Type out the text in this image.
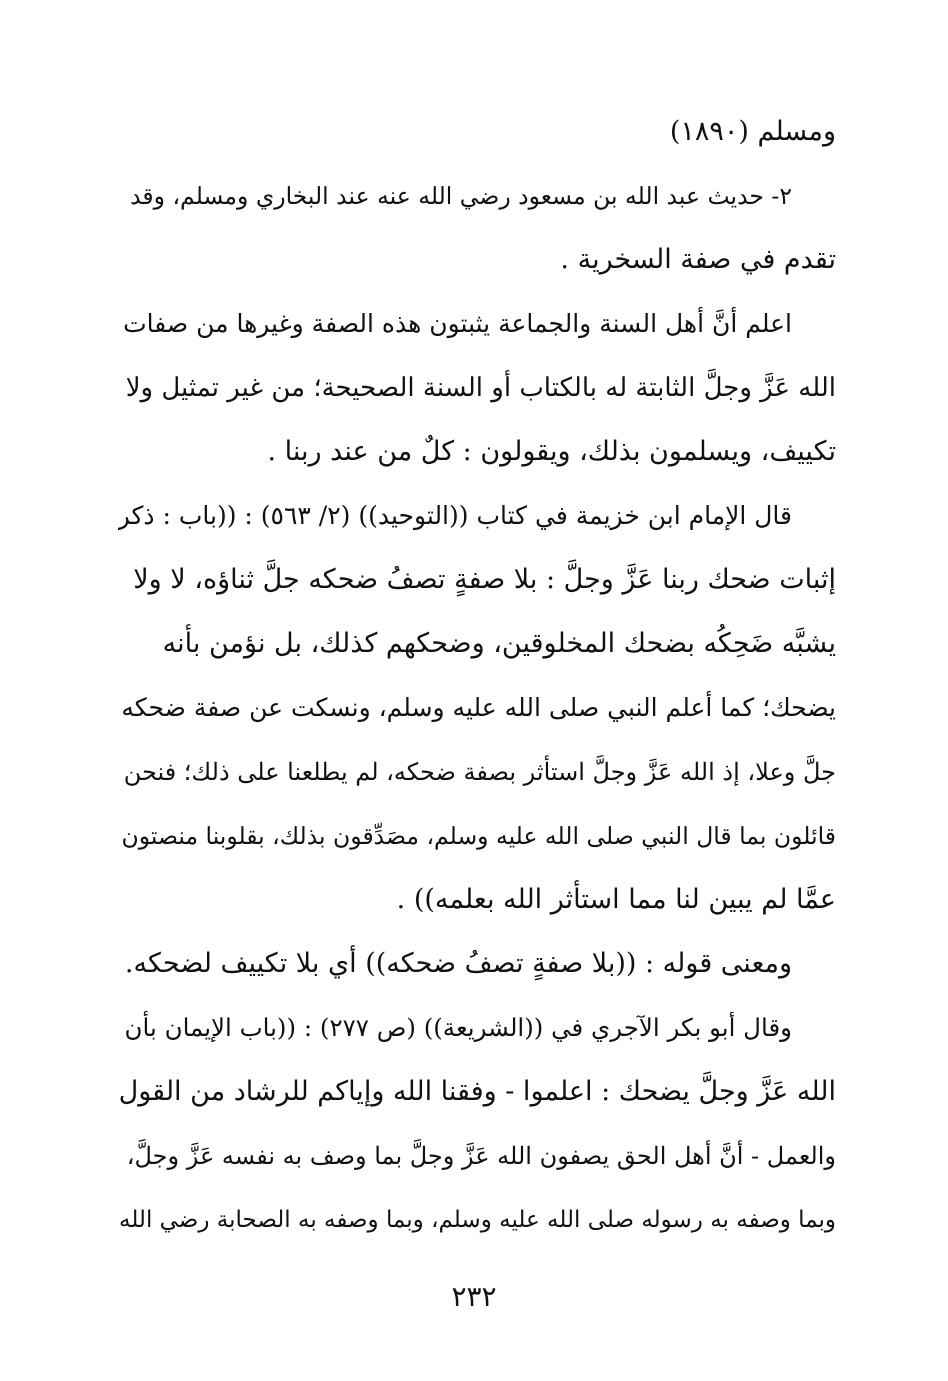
ومسلم (١٨٩٠)
٢- حديث عبد الله بن مسعود رضي الله عنه عند البخاري ومسلم، وقد
تقدم في صفة السخرية .
اعلم أنَّ أهل السنة والجماعة يثبتون هذه الصفة وغيرها من صفات
الله عَزَّ وجلَّ الثابتة له بالكتاب أو السنة الصحيحة؛ من غير تمثيل ولا
تكييف، ويسلمون بذلك، ويقولون : كلٌ من عند ربنا .
قال الإمام ابن خزيمة في كتاب ((التوحيد)) (٢/ ٥٦٣) : ((باب : ذكر
إثبات ضحك ربنا عَزَّ وجلَّ : بلا صفةٍ تصفُ ضحكه جلَّ ثناؤه، لا ولا
يشبَّه ضَحِكُه بضحك المخلوقين، وضحكهم كذلك، بل نؤمن بأنه
يضحك؛ كما أعلم النبي صلى الله عليه وسلم، ونسكت عن صفة ضحكه
جلَّ وعلا، إذ الله عَزَّ وجلَّ استأثر بصفة ضحكه، لم يطلعنا على ذلك؛ فنحن
قائلون بما قال النبي صلى الله عليه وسلم، مصَدِّقون بذلك، بقلوبنا منصتون
عمَّا لم يبين لنا مما استأثر الله بعلمه)) .
ومعنى قوله : ((بلا صفةٍ تصفُ ضحكه)) أي بلا تكييف لضحكه.
وقال أبو بكر الآجري في ((الشريعة)) (ص ٢٧٧) : ((باب الإيمان بأن
الله عَزَّ وجلَّ يضحك : اعلموا - وفقنا الله وإياكم للرشاد من القول
والعمل - أنَّ أهل الحق يصفون الله عَزَّ وجلَّ بما وصف به نفسه عَزَّ وجلَّ،
وبما وصفه به رسوله صلى الله عليه وسلم، وبما وصفه به الصحابة رضي الله
٢٣٢
